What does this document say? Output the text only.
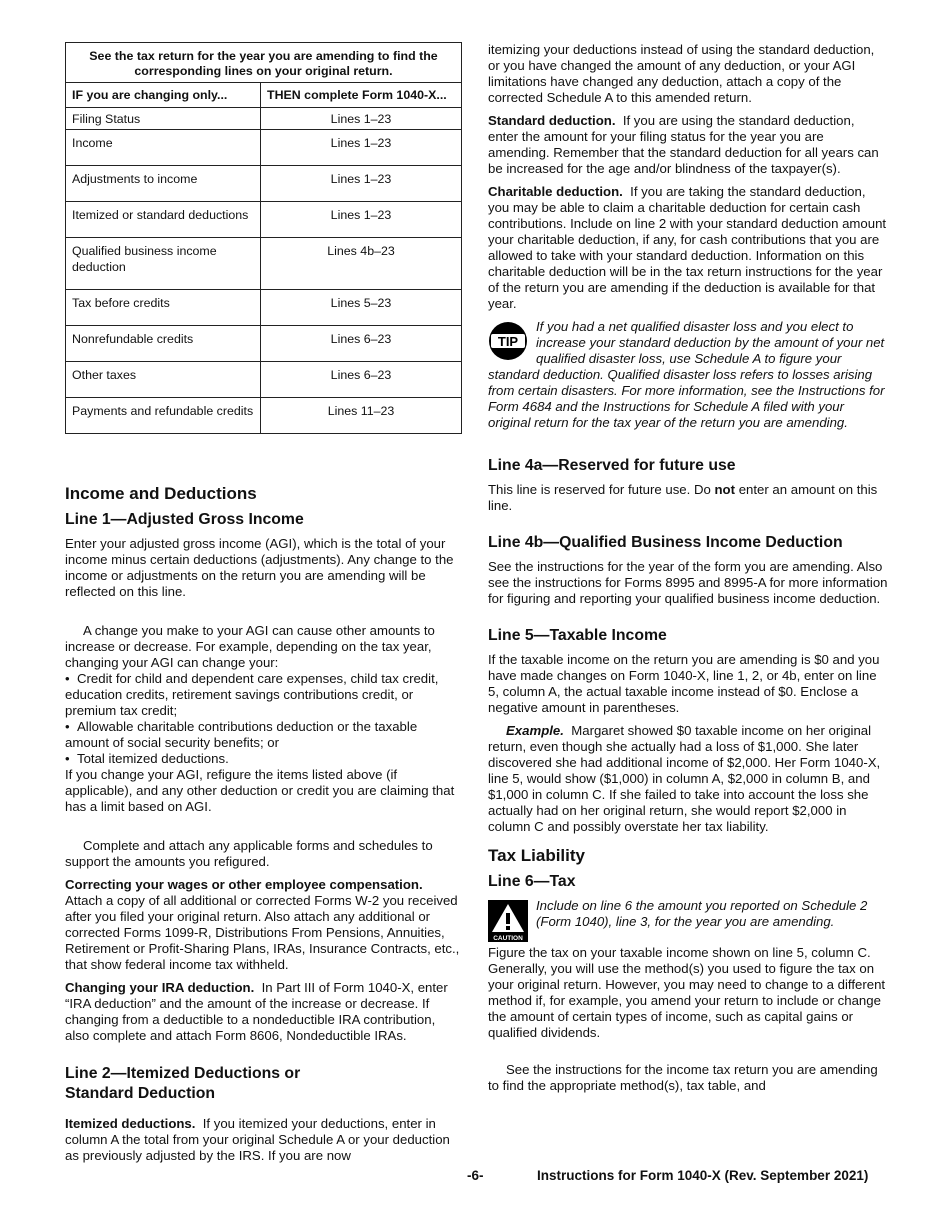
See the tax return for the year you are amending to find the corresponding lines on your original return.	
IF you are changing only...	THEN complete Form 1040-X...
Filing Status	Lines 1–23
Income	Lines 1–23
Adjustments to income	Lines 1–23
Itemized or standard deductions	Lines 1–23
Qualified business income deduction	Lines 4b–23
Tax before credits	Lines 5–23
Nonrefundable credits	Lines 6–23
Other taxes	Lines 6–23
Payments and refundable credits	Lines 11–23
Income and Deductions
Line 1—Adjusted Gross Income

Enter your adjusted gross income (AGI), which is the total of your income minus certain deductions (adjustments). Any change to the income or adjustments on the return you are amending will be reflected on this line.

A change you make to your AGI can cause other amounts to increase or decrease. For example, depending on the tax year, changing your AGI can change your:

• Credit for child and dependent care expenses, child tax credit, education credits, retirement savings contributions credit, or premium tax credit;
• Allowable charitable contributions deduction or the taxable amount of social security benefits; or
• Total itemized deductions.

If you change your AGI, refigure the items listed above (if applicable), and any other deduction or credit you are claiming that has a limit based on AGI.

Complete and attach any applicable forms and schedules to support the amounts you refigured.

Correcting your wages or other employee compensation. Attach a copy of all additional or corrected Forms W-2 you received after you filed your original return. Also attach any additional or corrected Forms 1099-R, Distributions From Pensions, Annuities, Retirement or Profit-Sharing Plans, IRAs, Insurance Contracts, etc., that show federal income tax withheld.

Changing your IRA deduction. In Part III of Form 1040-X, enter “IRA deduction” and the amount of the increase or decrease. If changing from a deductible to a nondeductible IRA contribution, also complete and attach Form 8606, Nondeductible IRAs.

Line 2—Itemized Deductions or
Standard Deduction

Itemized deductions. If you itemized your deductions, enter in column A the total from your original Schedule A or your deduction as previously adjusted by the IRS. If you are now

itemizing your deductions instead of using the standard deduction, or you have changed the amount of any deduction, or your AGI limitations have changed any deduction, attach a copy of the corrected Schedule A to this amended return.

Standard deduction. If you are using the standard deduction, enter the amount for your filing status for the year you are amending. Remember that the standard deduction for all years can be increased for the age and/or blindness of the taxpayer(s).

Charitable deduction. If you are taking the standard deduction, you may be able to claim a charitable deduction for certain cash contributions. Include on line 2 with your standard deduction amount your charitable deduction, if any, for cash contributions that you are allowed to take with your standard deduction. Information on this charitable deduction will be in the tax return instructions for the year of the return you are amending if the deduction is available for that year.

TIP

If you had a net qualified disaster loss and you elect to increase your standard deduction by the amount of your net qualified disaster loss, use Schedule A to figure your standard deduction. Qualified disaster loss refers to losses arising from certain disasters. For more information, see the Instructions for Form 4684 and the Instructions for Schedule A filed with your original return for the tax year of the return you are amending.

Line 4a—Reserved for future use

This line is reserved for future use. Do not enter an amount on this line.

Line 4b—Qualified Business Income Deduction

See the instructions for the year of the form you are amending. Also see the instructions for Forms 8995 and 8995-A for more information for figuring and reporting your qualified business income deduction.

Line 5—Taxable Income

If the taxable income on the return you are amending is $0 and you have made changes on Form 1040-X, line 1, 2, or 4b, enter on line 5, column A, the actual taxable income instead of $0. Enclose a negative amount in parentheses.

Example. Margaret showed $0 taxable income on her original return, even though she actually had a loss of $1,000. She later discovered she had additional income of $2,000. Her Form 1040-X, line 5, would show ($1,000) in column A, $2,000 in column B, and $1,000 in column C. If she failed to take into account the loss she actually had on her original return, she would report $2,000 in column C and possibly overstate her tax liability.

Tax Liability
Line 6—Tax
CAUTION

Include on line 6 the amount you reported on Schedule 2 (Form 1040), line 3, for the year you are amending.

Figure the tax on your taxable income shown on line 5, column C. Generally, you will use the method(s) you used to figure the tax on your original return. However, you may need to change to a different method if, for example, you amend your return to include or change the amount of certain types of income, such as capital gains or qualified dividends.

See the instructions for the income tax return you are amending to find the appropriate method(s), tax table, and

-6-	Instructions for Form 1040-X (Rev. September 2021)
